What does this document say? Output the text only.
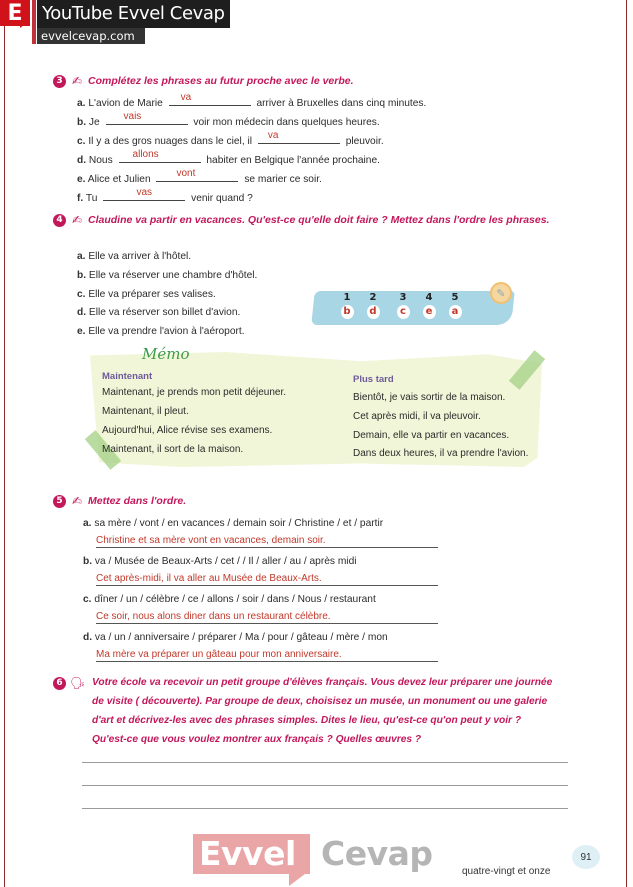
E	YouTube Evvel Cevap
evvelcevap.com
3 ✍ Complétez les phrases au futur proche avec le verbe.
a. L'avion de Marie
va
arriver à Bruxelles dans cinq minutes.
b. Je
vais
voir mon médecin dans quelques heures.
c. Il y a des gros nuages dans le ciel, il
va
pleuvoir.
d. Nous
allons
habiter en Belgique l'année prochaine.
e. Alice et Julien
vont
se marier ce soir.
f. Tu
vas
venir quand ?
4 ✍ Claudine va partir en vacances. Qu'est-ce qu'elle doit faire ? Mettez dans l'ordre les phrases.
a. Elle va arriver à l'hôtel.
b. Elle va réserver une chambre d'hôtel.
c. Elle va préparer ses valises.
d. Elle va réserver son billet d'avion.
e. Elle va prendre l'avion à l'aéroport.
1
b
2
d
3
c
4
e
5
a
✎
Mémo
Maintenant
Maintenant, je prends mon petit déjeuner.
Maintenant, il pleut.
Aujourd'hui, Alice révise ses examens.
Maintenant, il sort de la maison.
Plus tard
Bientôt, je vais sortir de la maison.
Cet après midi, il va pleuvoir.
Demain, elle va partir en vacances.
Dans deux heures, il va prendre l'avion.
5 ✍ Mettez dans l'ordre.
a. sa mère / vont / en vacances / demain soir / Christine / et / partir
Christine et sa mère vont en vacances, demain soir.
b. va / Musée de Beaux-Arts / cet / / Il / aller / au / après midi
Cet après-midi, il va aller au Musée de Beaux-Arts.
c. dîner / un / célèbre / ce / allons / soir / dans / Nous / restaurant
Ce soir, nous alons diner dans un restaurant célèbre.
d. va / un / anniversaire / préparer / Ma / pour / gâteau / mère / mon
Ma mère va préparer un gâteau pour mon anniversaire.
6 🗣 Votre école va recevoir un petit groupe d'élèves français. Vous devez leur préparer une journée
de visite ( découverte). Par groupe de deux, choisisez un musée, un monument ou une galerie
d'art et décrivez-les avec des phrases simples. Dites le lieu, qu'est-ce qu'on peut y voir ?
Qu'est-ce que vous voulez montrer aux français ? Quelles œuvres ?
Evvel Cevap	quatre-vingt et onze
91
